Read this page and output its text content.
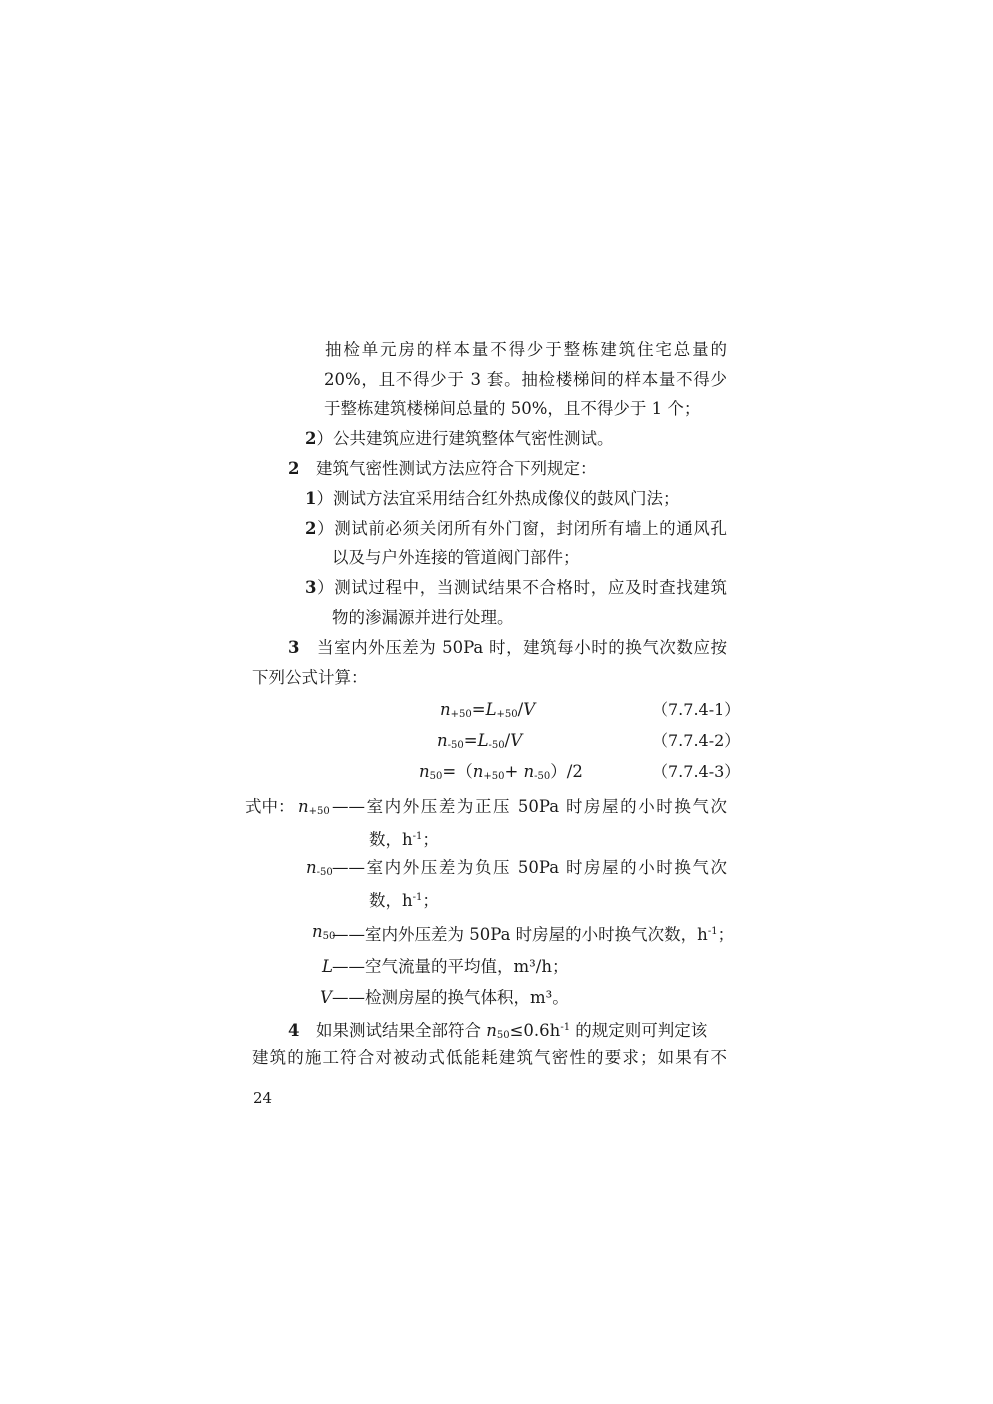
抽检单元房的样本量不得少于整栋建筑住宅总量的
20%，且不得少于 3 套。抽检楼梯间的样本量不得少
于整栋建筑楼梯间总量的 50%，且不得少于 1 个；
2）公共建筑应进行建筑整体气密性测试。
2　建筑气密性测试方法应符合下列规定：
1）测试方法宜采用结合红外热成像仪的鼓风门法；
2）测试前必须关闭所有外门窗，封闭所有墙上的通风孔
以及与户外连接的管道阀门部件；
3）测试过程中，当测试结果不合格时，应及时查找建筑
物的渗漏源并进行处理。
3　当室内外压差为 50Pa 时，建筑每小时的换气次数应按
下列公式计算：
$n_{+50}=L_{+50}/V$	（7.7.4-1）
$n_{-50}=L_{-50}/V$	（7.7.4-2）
$n_{50}=(n_{+50}+ n_{-50})/2$	（7.7.4-3）
式中： $n_{+50}$ ——室内外压差为正压 50Pa 时房屋的小时换气次
数，$h^{-1}$；
$n_{-50}$ ——室内外压差为负压 50Pa 时房屋的小时换气次
数，$h^{-1}$；
$n_{50}$
——室内外压差为 50Pa 时房屋的小时换气次数，$h^{-1}$；
L ——空气流量的平均值，m³/h；
V ——检测房屋的换气体积，m³。
4　 如果测试结果全部符合 $n_{50}\le 0.6h^{-1}$ 的规定则可判定该
建筑的施工符合对被动式低能耗建筑气密性的要求；如果有不
24
